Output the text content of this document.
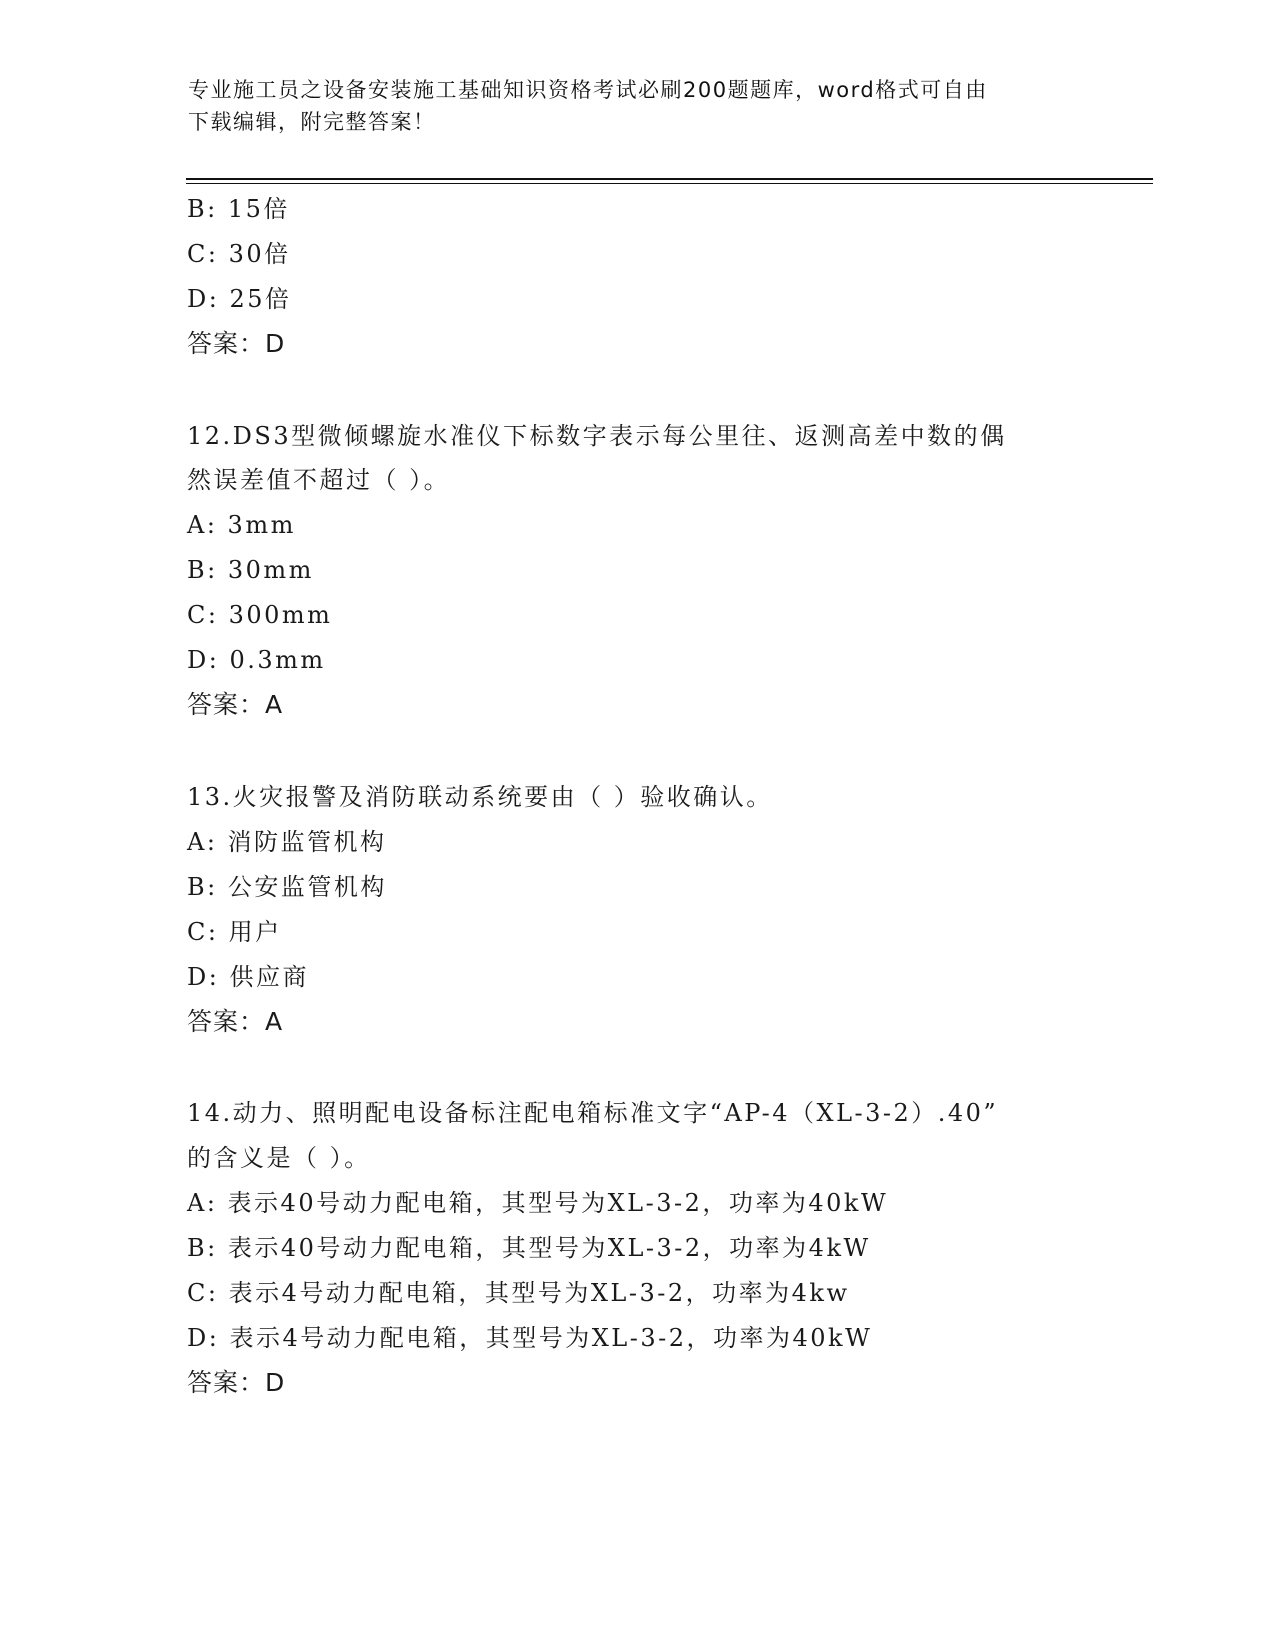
专业施工员之设备安装施工基础知识资格考试必刷200题题库，word格式可自由
下载编辑，附完整答案！
B: 15倍
C: 30倍
D: 25倍
答案：D
12.DS3型微倾螺旋水准仪下标数字表示每公里往、返测高差中数的偶
然误差值不超过（ ）。
A: 3mm
B: 30mm
C: 300mm
D: 0.3mm
答案：A
13.火灾报警及消防联动系统要由（ ）验收确认。
A: 消防监管机构
B: 公安监管机构
C: 用户
D: 供应商
答案：A
14.动力、照明配电设备标注配电箱标准文字“AP-4（XL-3-2）.40”
的含义是（ ）。
A: 表示40号动力配电箱，其型号为XL-3-2，功率为40kW
B: 表示40号动力配电箱，其型号为XL-3-2，功率为4kW
C: 表示4号动力配电箱，其型号为XL-3-2，功率为4kw
D: 表示4号动力配电箱，其型号为XL-3-2，功率为40kW
答案：D
